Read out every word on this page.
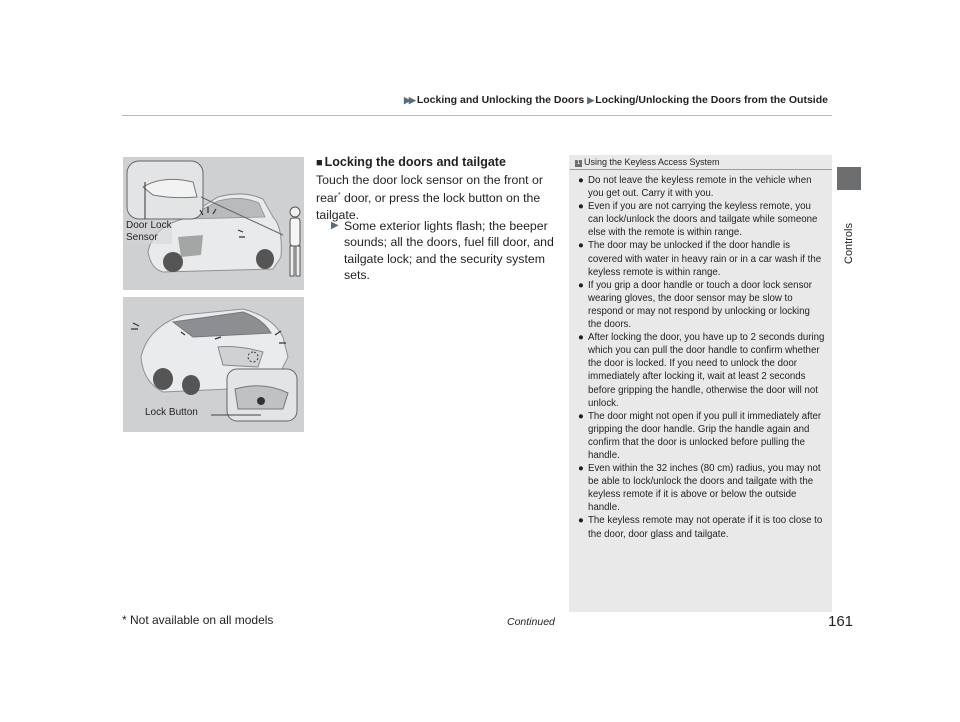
▶▶ Locking and Unlocking the Doors ▶ Locking/Unlocking the Doors from the Outside
Controls
Door Lock
Sensor
Lock Button
■ Locking the doors and tailgate
Touch the door lock sensor on the front or rear* door, or press the lock button on the tailgate.
▶ Some exterior lights flash; the beeper sounds; all the doors, fuel fill door, and tailgate lock; and the security system sets.
1 Using the Keyless Access System
● Do not leave the keyless remote in the vehicle when you get out. Carry it with you.
● Even if you are not carrying the keyless remote, you can lock/unlock the doors and tailgate while someone else with the remote is within range.
● The door may be unlocked if the door handle is covered with water in heavy rain or in a car wash if the keyless remote is within range.
● If you grip a door handle or touch a door lock sensor wearing gloves, the door sensor may be slow to respond or may not respond by unlocking or locking the doors.
● After locking the door, you have up to 2 seconds during which you can pull the door handle to confirm whether the door is locked. If you need to unlock the door immediately after locking it, wait at least 2 seconds before gripping the handle, otherwise the door will not unlock.
● The door might not open if you pull it immediately after gripping the door handle. Grip the handle again and confirm that the door is unlocked before pulling the handle.
● Even within the 32 inches (80 cm) radius, you may not be able to lock/unlock the doors and tailgate with the keyless remote if it is above or below the outside handle.
● The keyless remote may not operate if it is too close to the door, door glass and tailgate.
* Not available on all models	Continued	161
